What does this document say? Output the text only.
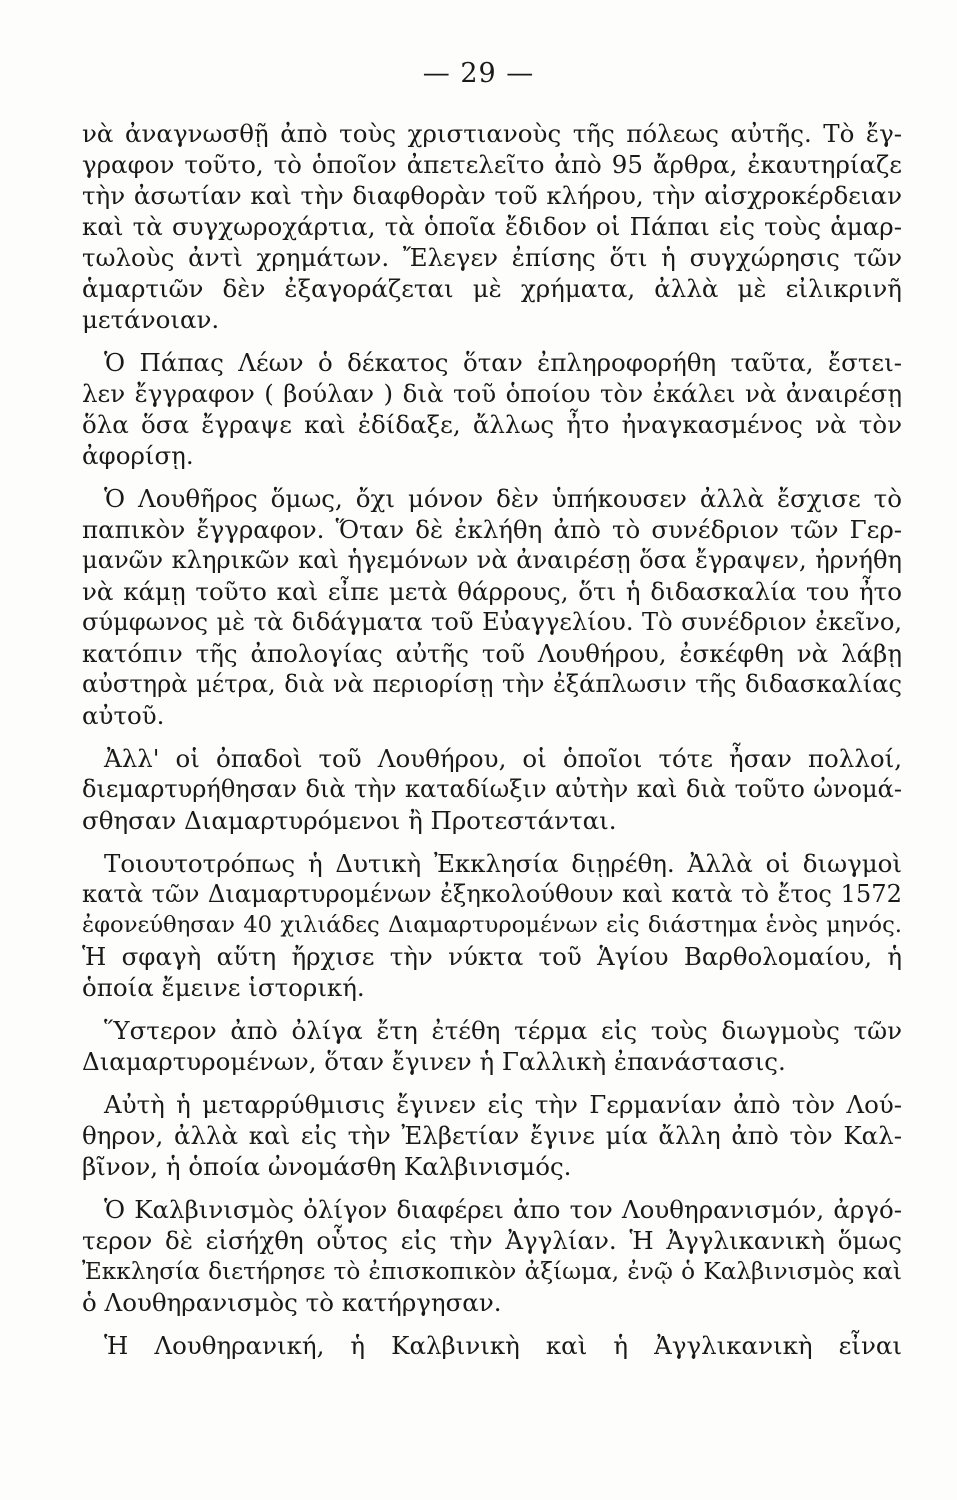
— 29 —
νὰ ἀναγνωσθῇ ἀπὸ τοὺς χριστιανοὺς τῆς πόλεως αὐτῆς. Τὸ ἔγ-
γραφον τοῦτο, τὸ ὁποῖον ἀπετελεῖτο ἀπὸ 95 ἄρθρα, ἐκαυτηρίαζε
τὴν ἀσωτίαν καὶ τὴν διαφθορὰν τοῦ κλήρου, τὴν αἰσχροκέρδειαν
καὶ τὰ συγχωροχάρτια, τὰ ὁποῖα ἔδιδον οἱ Πάπαι εἰς τοὺς ἁμαρ-
τωλοὺς ἀντὶ χρημάτων. Ἔλεγεν ἐπίσης ὅτι ἡ συγχώρησις τῶν
ἁμαρτιῶν δὲν ἐξαγοράζεται μὲ χρήματα, ἀλλὰ μὲ εἰλικρινῆ
μετάνοιαν.
Ὁ Πάπας Λέων ὁ δέκατος ὅταν ἐπληροφορήθη ταῦτα, ἔστει-
λεν ἔγγραφον ( βούλαν ) διὰ τοῦ ὁποίου τὸν ἐκάλει νὰ ἀναιρέσῃ
ὅλα ὅσα ἔγραψε καὶ ἐδίδαξε, ἄλλως ἦτο ἠναγκασμένος νὰ τὸν
ἀφορίσῃ.
Ὁ Λουθῆρος ὅμως, ὄχι μόνον δὲν ὑπήκουσεν ἀλλὰ ἔσχισε τὸ
παπικὸν ἔγγραφον. Ὅταν δὲ ἐκλήθη ἀπὸ τὸ συνέδριον τῶν Γερ-
μανῶν κληρικῶν καὶ ἡγεμόνων νὰ ἀναιρέσῃ ὅσα ἔγραψεν, ἠρνήθη
νὰ κάμῃ τοῦτο καὶ εἶπε μετὰ θάρρους, ὅτι ἡ διδασκαλία του ἦτο
σύμφωνος μὲ τὰ διδάγματα τοῦ Εὐαγγελίου. Τὸ συνέδριον ἐκεῖνο,
κατόπιν τῆς ἀπολογίας αὐτῆς τοῦ Λουθήρου, ἐσκέφθη νὰ λάβῃ
αὐστηρὰ μέτρα, διὰ νὰ περιορίσῃ τὴν ἐξάπλωσιν τῆς διδασκαλίας
αὐτοῦ.
Ἀλλ' οἱ ὀπαδοὶ τοῦ Λουθήρου, οἱ ὁποῖοι τότε ἦσαν πολλοί,
διεμαρτυρήθησαν διὰ τὴν καταδίωξιν αὐτὴν καὶ διὰ τοῦτο ὠνομά-
σθησαν Διαμαρτυρόμενοι ἢ Προτεστάνται.
Τοιουτοτρόπως ἡ Δυτικὴ Ἐκκλησία διῃρέθη. Ἀλλὰ οἱ διωγμοὶ
κατὰ τῶν Διαμαρτυρομένων ἐξηκολούθουν καὶ κατὰ τὸ ἔτος 1572
ἐφονεύθησαν 40 χιλιάδες Διαμαρτυρομένων εἰς διάστημα ἑνὸς μηνός.
Ἡ σφαγὴ αὕτη ἤρχισε τὴν νύκτα τοῦ Ἁγίου Βαρθολομαίου, ἡ
ὁποία ἔμεινε ἱστορική.
Ὕστερον ἀπὸ ὀλίγα ἔτη ἐτέθη τέρμα εἰς τοὺς διωγμοὺς τῶν
Διαμαρτυρομένων, ὅταν ἔγινεν ἡ Γαλλικὴ ἐπανάστασις.
Αὐτὴ ἡ μεταρρύθμισις ἔγινεν εἰς τὴν Γερμανίαν ἀπὸ τὸν Λού-
θηρον, ἀλλὰ καὶ εἰς τὴν Ἐλβετίαν ἔγινε μία ἄλλη ἀπὸ τὸν Καλ-
βῖνον, ἡ ὁποία ὠνομάσθη Καλβινισμός.
Ὁ Καλβινισμὸς ὀλίγον διαφέρει ἀπο τον Λουθηρανισμόν, ἀργό-
τερον δὲ εἰσήχθη οὗτος εἰς τὴν Ἀγγλίαν. Ἡ Ἀγγλικανικὴ ὅμως
Ἐκκλησία διετήρησε τὸ ἐπισκοπικὸν ἀξίωμα, ἐνῷ ὁ Καλβινισμὸς καὶ
ὁ Λουθηρανισμὸς τὸ κατήργησαν.
Ἡ Λουθηρανική, ἡ Καλβινικὴ καὶ ἡ Ἀγγλικανικὴ εἶναι
